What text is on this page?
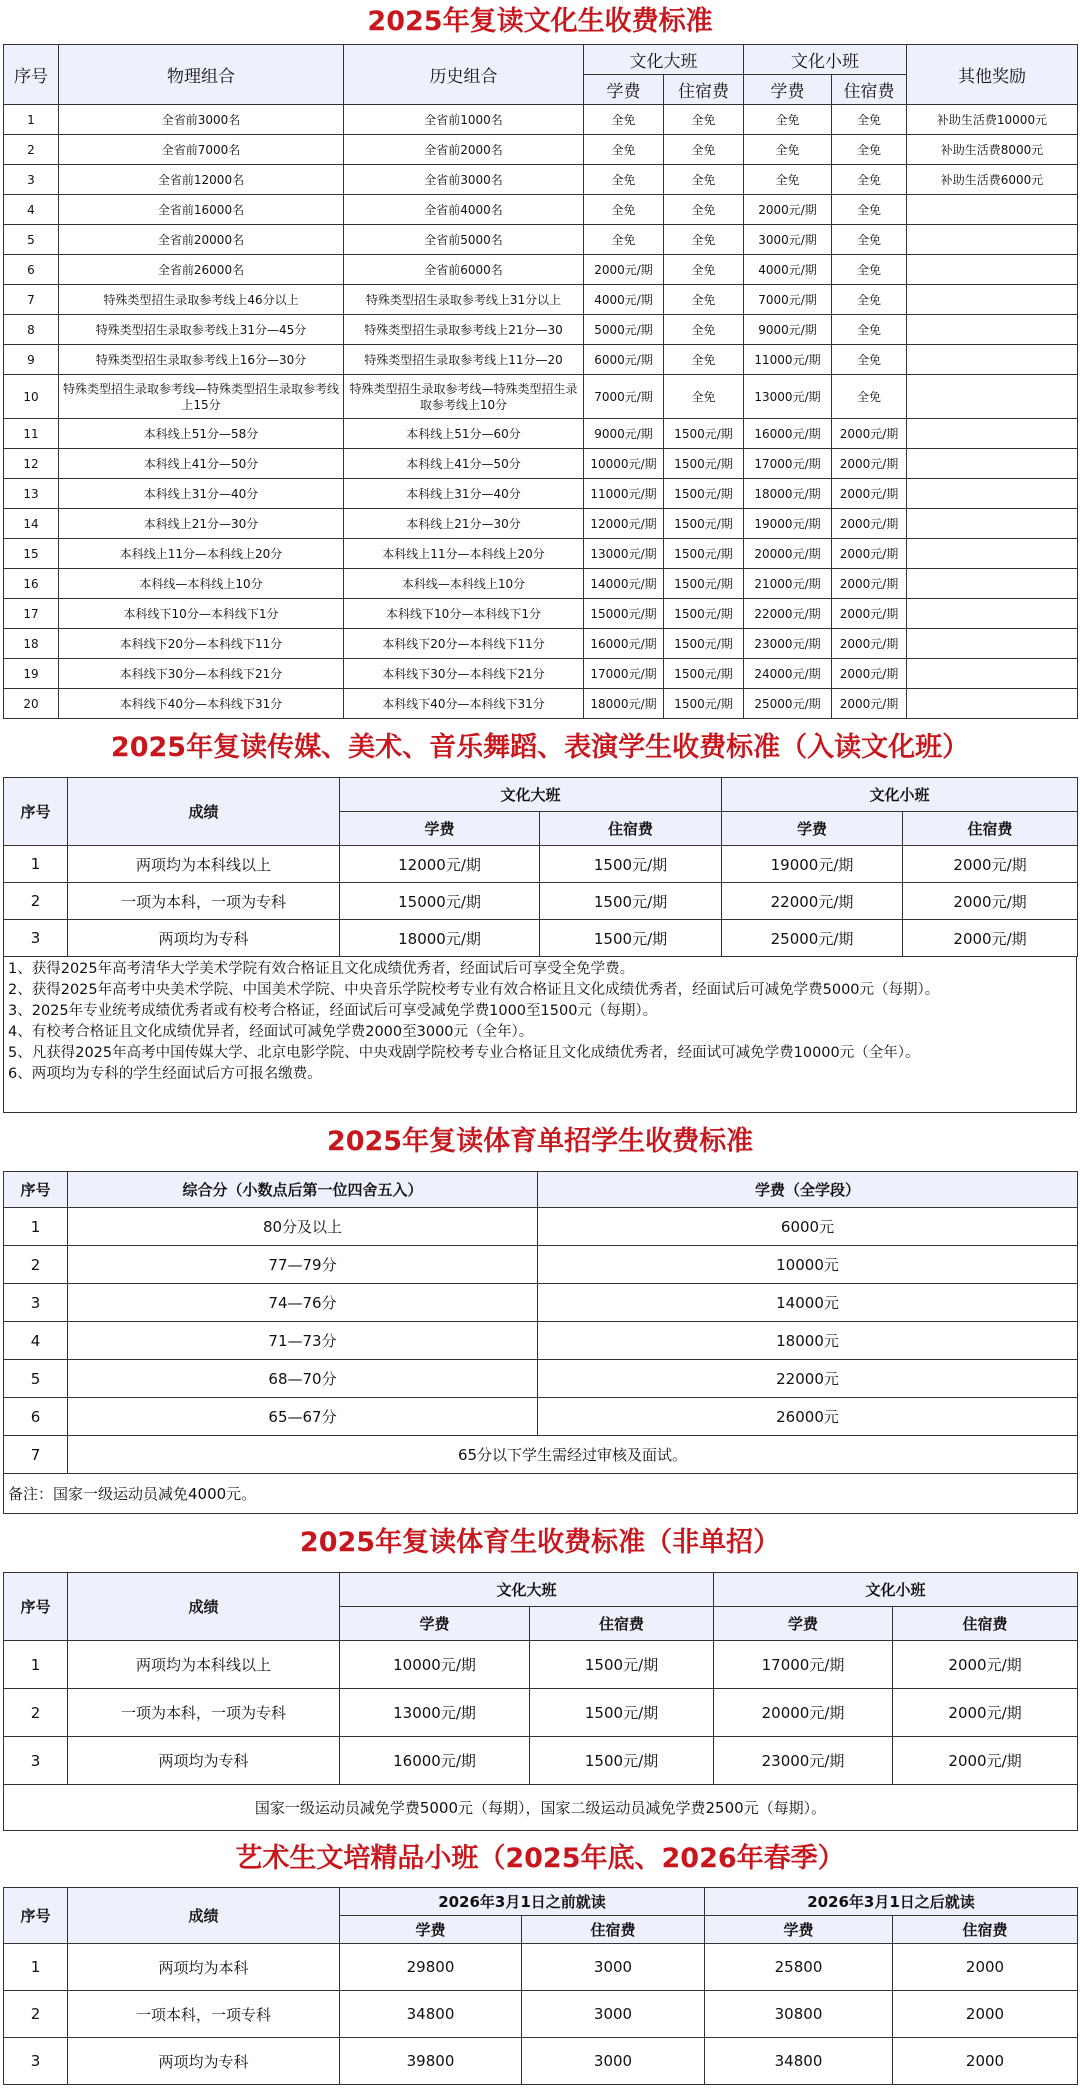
2025年复读文化生收费标准
序号	物理组合	历史组合	文化大班		文化小班		其他奖励
			学费	住宿费	学费	住宿费	
1	全省前3000名	全省前1000名	全免	全免	全免	全免	补助生活费10000元
2	全省前7000名	全省前2000名	全免	全免	全免	全免	补助生活费8000元
3	全省前12000名	全省前3000名	全免	全免	全免	全免	补助生活费6000元
4	全省前16000名	全省前4000名	全免	全免	2000元/期	全免	
5	全省前20000名	全省前5000名	全免	全免	3000元/期	全免	
6	全省前26000名	全省前6000名	2000元/期	全免	4000元/期	全免	
7	特殊类型招生录取参考线上46分以上	特殊类型招生录取参考线上31分以上	4000元/期	全免	7000元/期	全免	
8	特殊类型招生录取参考线上31分—45分	特殊类型招生录取参考线上21分—30	5000元/期	全免	9000元/期	全免	
9	特殊类型招生录取参考线上16分—30分	特殊类型招生录取参考线上11分—20	6000元/期	全免	11000元/期	全免	
10	特殊类型招生录取参考线—特殊类型招生录取参考线上15分	特殊类型招生录取参考线—特殊类型招生录取参考线上10分	7000元/期	全免	13000元/期	全免	
11	本科线上51分—58分	本科线上51分—60分	9000元/期	1500元/期	16000元/期	2000元/期	
12	本科线上41分—50分	本科线上41分—50分	10000元/期	1500元/期	17000元/期	2000元/期	
13	本科线上31分—40分	本科线上31分—40分	11000元/期	1500元/期	18000元/期	2000元/期	
14	本科线上21分—30分	本科线上21分—30分	12000元/期	1500元/期	19000元/期	2000元/期	
15	本科线上11分—本科线上20分	本科线上11分—本科线上20分	13000元/期	1500元/期	20000元/期	2000元/期	
16	本科线—本科线上10分	本科线—本科线上10分	14000元/期	1500元/期	21000元/期	2000元/期	
17	本科线下10分—本科线下1分	本科线下10分—本科线下1分	15000元/期	1500元/期	22000元/期	2000元/期	
18	本科线下20分—本科线下11分	本科线下20分—本科线下11分	16000元/期	1500元/期	23000元/期	2000元/期	
19	本科线下30分—本科线下21分	本科线下30分—本科线下21分	17000元/期	1500元/期	24000元/期	2000元/期	
20	本科线下40分—本科线下31分	本科线下40分—本科线下31分	18000元/期	1500元/期	25000元/期	2000元/期	
2025年复读传媒、美术、音乐舞蹈、表演学生收费标准（入读文化班）
序号	成绩	文化大班		文化小班	
		学费	住宿费	学费	住宿费
1	两项均为本科线以上	12000元/期	1500元/期	19000元/期	2000元/期
2	一项为本科，一项为专科	15000元/期	1500元/期	22000元/期	2000元/期
3	两项均为专科	18000元/期	1500元/期	25000元/期	2000元/期
1、获得2025年高考清华大学美术学院有效合格证且文化成绩优秀者，经面试后可享受全免学费。
2、获得2025年高考中央美术学院、中国美术学院、中央音乐学院校考专业有效合格证且文化成绩优秀者，经面试后可减免学费5000元（每期）。
3、2025年专业统考成绩优秀者或有校考合格证，经面试后可享受减免学费1000至1500元（每期）。
4、有校考合格证且文化成绩优异者，经面试可减免学费2000至3000元（全年）。
5、凡获得2025年高考中国传媒大学、北京电影学院、中央戏剧学院校考专业合格证且文化成绩优秀者，经面试可减免学费10000元（全年）。
6、两项均为专科的学生经面试后方可报名缴费。
2025年复读体育单招学生收费标准
序号	综合分（小数点后第一位四舍五入）	学费（全学段）
1	80分及以上	6000元
2	77—79分	10000元
3	74—76分	14000元
4	71—73分	18000元
5	68—70分	22000元
6	65—67分	26000元
7	65分以下学生需经过审核及面试。	
备注：国家一级运动员减免4000元。		
2025年复读体育生收费标准（非单招）
序号	成绩	文化大班		文化小班	
		学费	住宿费	学费	住宿费
1	两项均为本科线以上	10000元/期	1500元/期	17000元/期	2000元/期
2	一项为本科，一项为专科	13000元/期	1500元/期	20000元/期	2000元/期
3	两项均为专科	16000元/期	1500元/期	23000元/期	2000元/期
国家一级运动员减免学费5000元（每期），国家二级运动员减免学费2500元（每期）。					
艺术生文培精品小班（2025年底、2026年春季）
序号	成绩	2026年3月1日之前就读		2026年3月1日之后就读	
		学费	住宿费	学费	住宿费
1	两项均为本科	29800	3000	25800	2000
2	一项本科，一项专科	34800	3000	30800	2000
3	两项均为专科	39800	3000	34800	2000
